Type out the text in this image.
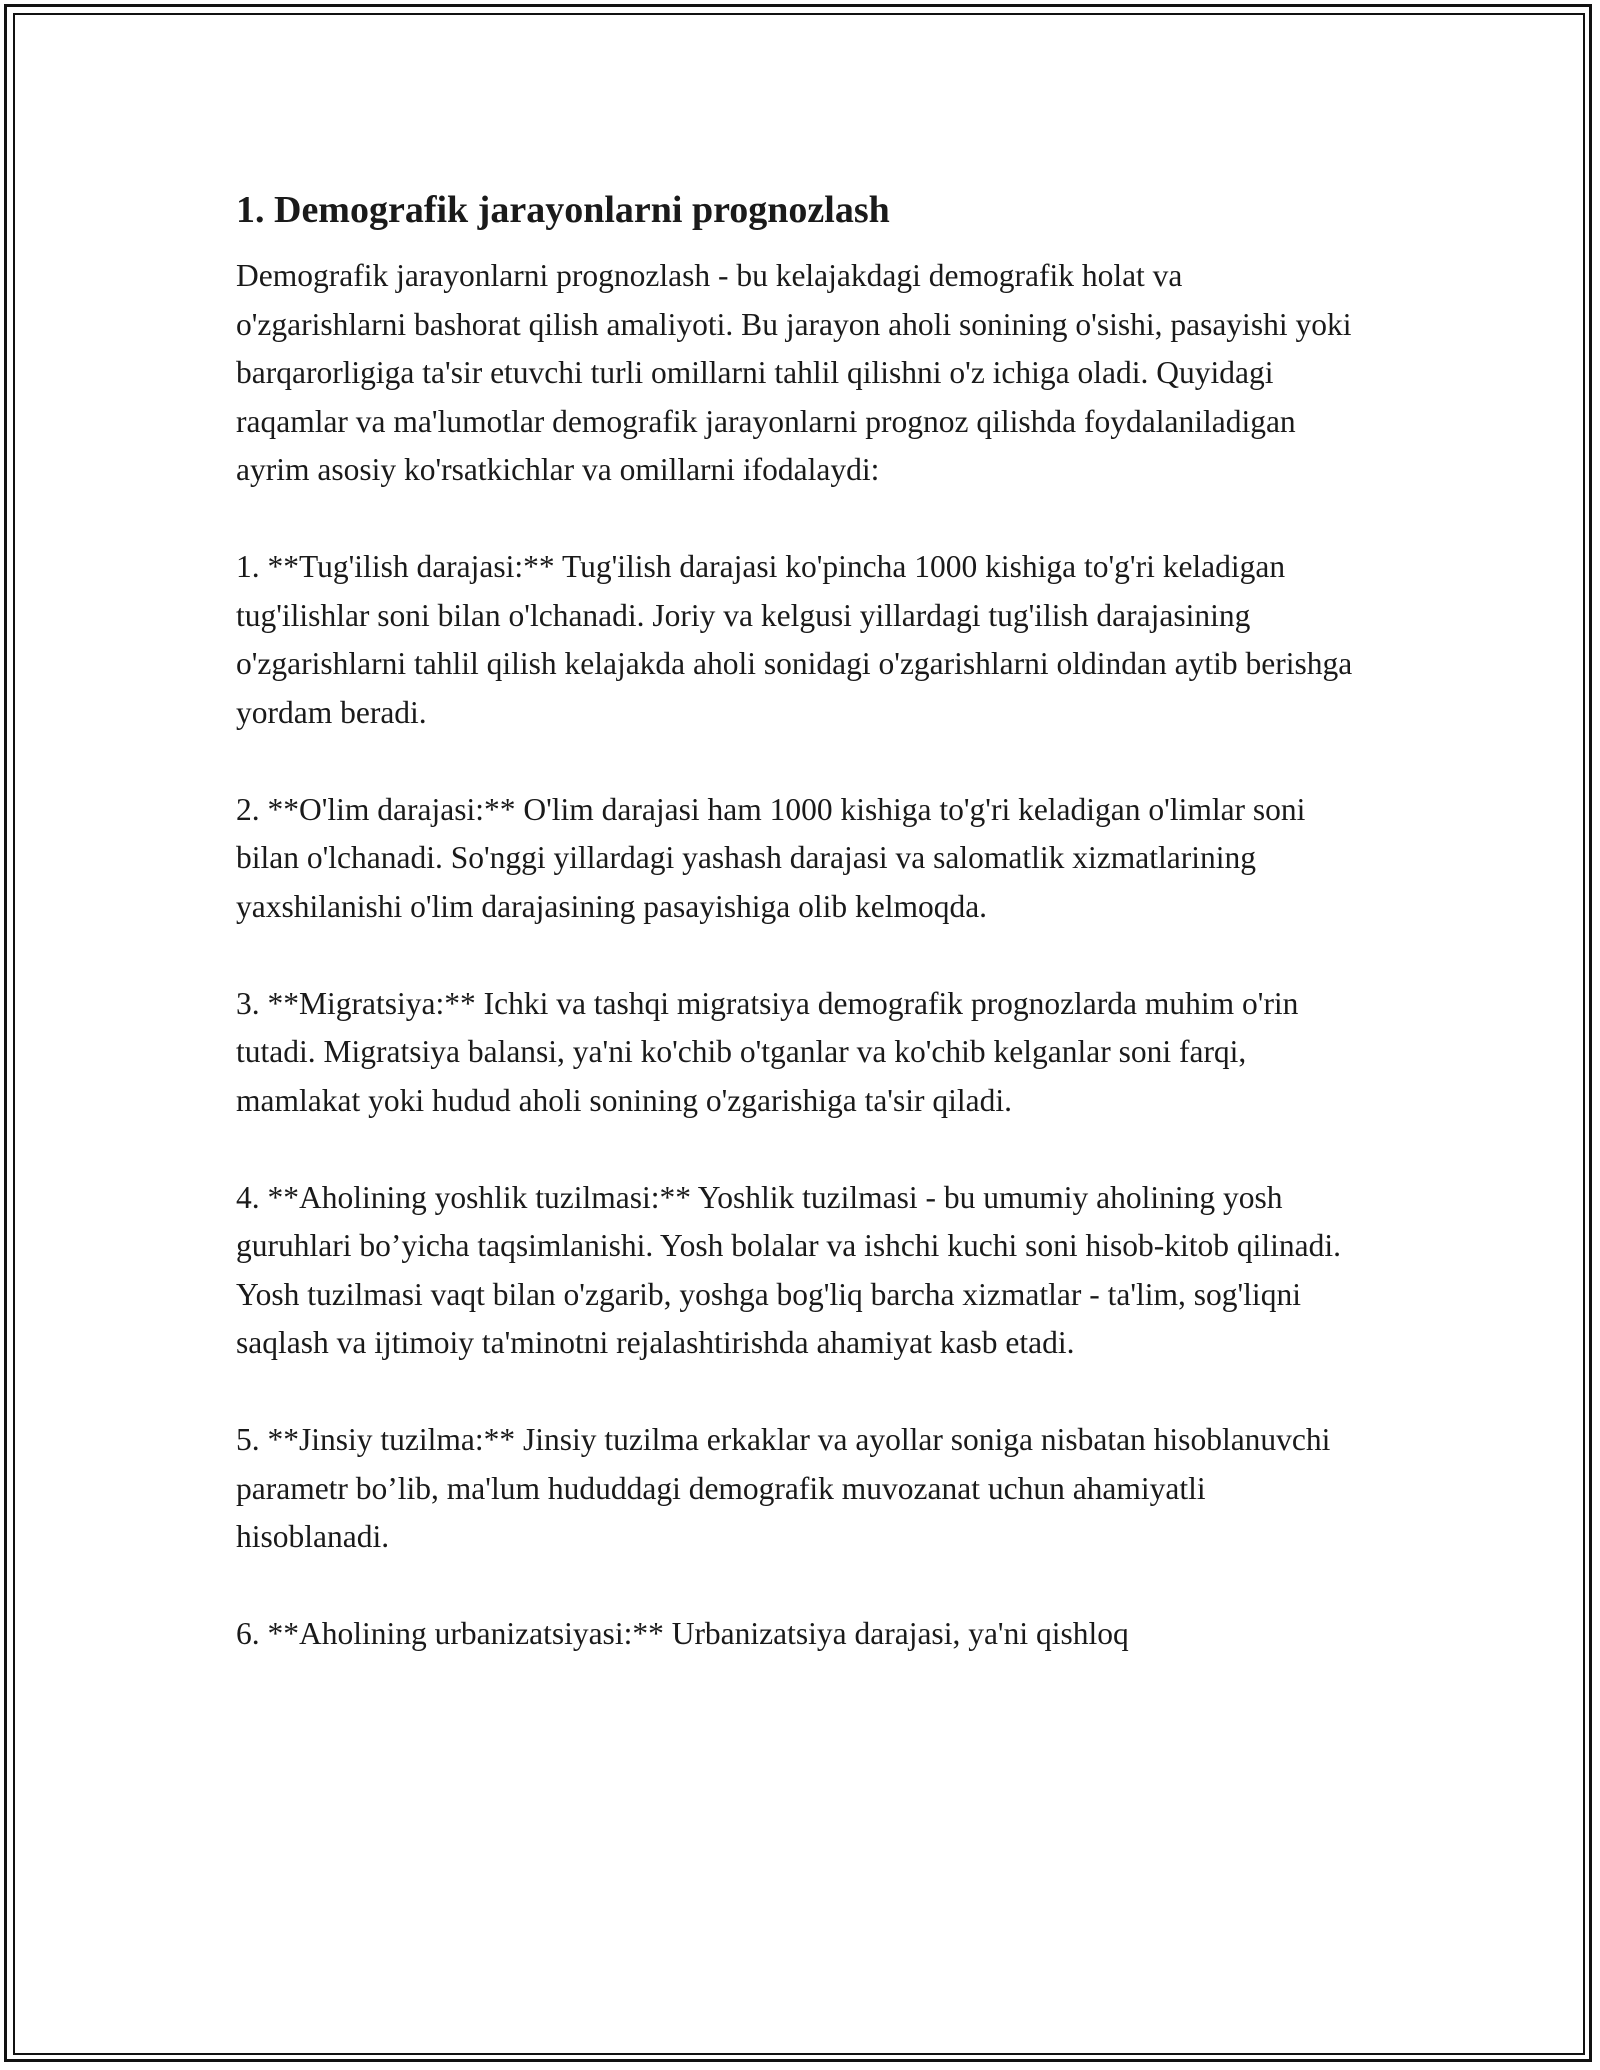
1. Demografik jarayonlarni prognozlash

Demografik jarayonlarni prognozlash - bu kelajakdagi demografik holat va o'zgarishlarni bashorat qilish amaliyoti. Bu jarayon aholi sonining o'sishi, pasayishi yoki barqarorligiga ta'sir etuvchi turli omillarni tahlil qilishni o'z ichiga oladi. Quyidagi raqamlar va ma'lumotlar demografik jarayonlarni prognoz qilishda foydalaniladigan ayrim asosiy ko'rsatkichlar va omillarni ifodalaydi:

1. **Tug'ilish darajasi:** Tug'ilish darajasi ko'pincha 1000 kishiga to'g'ri keladigan tug'ilishlar soni bilan o'lchanadi. Joriy va kelgusi yillardagi tug'ilish darajasining o'zgarishlarni tahlil qilish kelajakda aholi sonidagi o'zgarishlarni oldindan aytib berishga yordam beradi.

2. **O'lim darajasi:** O'lim darajasi ham 1000 kishiga to'g'ri keladigan o'limlar soni bilan o'lchanadi. So'nggi yillardagi yashash darajasi va salomatlik xizmatlarining yaxshilanishi o'lim darajasining pasayishiga olib kelmoqda.

3. **Migratsiya:** Ichki va tashqi migratsiya demografik prognozlarda muhim o'rin tutadi. Migratsiya balansi, ya'ni ko'chib o'tganlar va ko'chib kelganlar soni farqi, mamlakat yoki hudud aholi sonining o'zgarishiga ta'sir qiladi.

4. **Aholining yoshlik tuzilmasi:** Yoshlik tuzilmasi - bu umumiy aholining yosh guruhlari bo’yicha taqsimlanishi. Yosh bolalar va ishchi kuchi soni hisob-kitob qilinadi. Yosh tuzilmasi vaqt bilan o'zgarib, yoshga bog'liq barcha xizmatlar - ta'lim, sog'liqni saqlash va ijtimoiy ta'minotni rejalashtirishda ahamiyat kasb etadi.

5. **Jinsiy tuzilma:** Jinsiy tuzilma erkaklar va ayollar soniga nisbatan hisoblanuvchi parametr bo’lib, ma'lum hududdagi demografik muvozanat uchun ahamiyatli hisoblanadi.

6. **Aholining urbanizatsiyasi:** Urbanizatsiya darajasi, ya'ni qishloq
